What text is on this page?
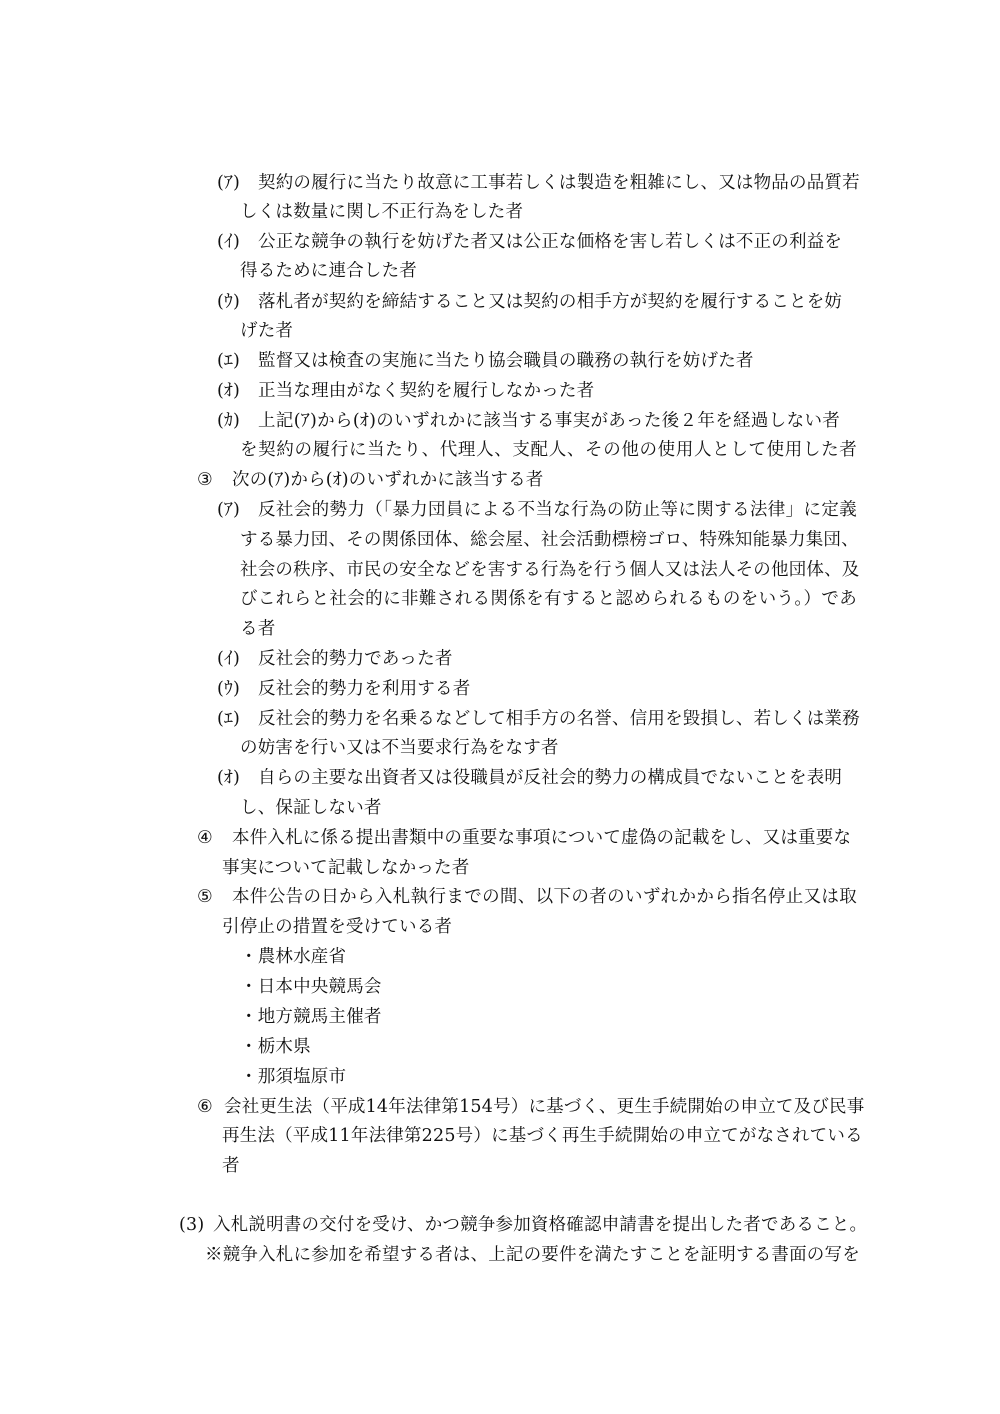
(ｱ) 契約の履行に当たり故意に工事若しくは製造を粗雑にし、又は物品の品質若
しくは数量に関し不正行為をした者
(ｲ) 公正な競争の執行を妨げた者又は公正な価格を害し若しくは不正の利益を
得るために連合した者
(ｳ) 落札者が契約を締結すること又は契約の相手方が契約を履行することを妨
げた者
(ｴ) 監督又は検査の実施に当たり協会職員の職務の執行を妨げた者
(ｵ) 正当な理由がなく契約を履行しなかった者
(ｶ) 上記(ｱ)から(ｵ)のいずれかに該当する事実があった後２年を経過しない者
を契約の履行に当たり、代理人、支配人、その他の使用人として使用した者
③ 次の(ｱ)から(ｵ)のいずれかに該当する者
(ｱ) 反社会的勢力（「暴力団員による不当な行為の防止等に関する法律」に定義
する暴力団、その関係団体、総会屋、社会活動標榜ゴロ、特殊知能暴力集団、
社会の秩序、市民の安全などを害する行為を行う個人又は法人その他団体、及
びこれらと社会的に非難される関係を有すると認められるものをいう。）であ
る者
(ｲ) 反社会的勢力であった者
(ｳ) 反社会的勢力を利用する者
(ｴ) 反社会的勢力を名乗るなどして相手方の名誉、信用を毀損し、若しくは業務
の妨害を行い又は不当要求行為をなす者
(ｵ) 自らの主要な出資者又は役職員が反社会的勢力の構成員でないことを表明
し、保証しない者
④ 本件入札に係る提出書類中の重要な事項について虚偽の記載をし、又は重要な
事実について記載しなかった者
⑤ 本件公告の日から入札執行までの間、以下の者のいずれかから指名停止又は取
引停止の措置を受けている者
・農林水産省
・日本中央競馬会
・地方競馬主催者
・栃木県
・那須塩原市
⑥ 会社更生法（平成14年法律第154号）に基づく、更生手続開始の申立て及び民事
再生法（平成11年法律第225号）に基づく再生手続開始の申立てがなされている
者
(3) 入札説明書の交付を受け、かつ競争参加資格確認申請書を提出した者であること。
※競争入札に参加を希望する者は、上記の要件を満たすことを証明する書面の写を
